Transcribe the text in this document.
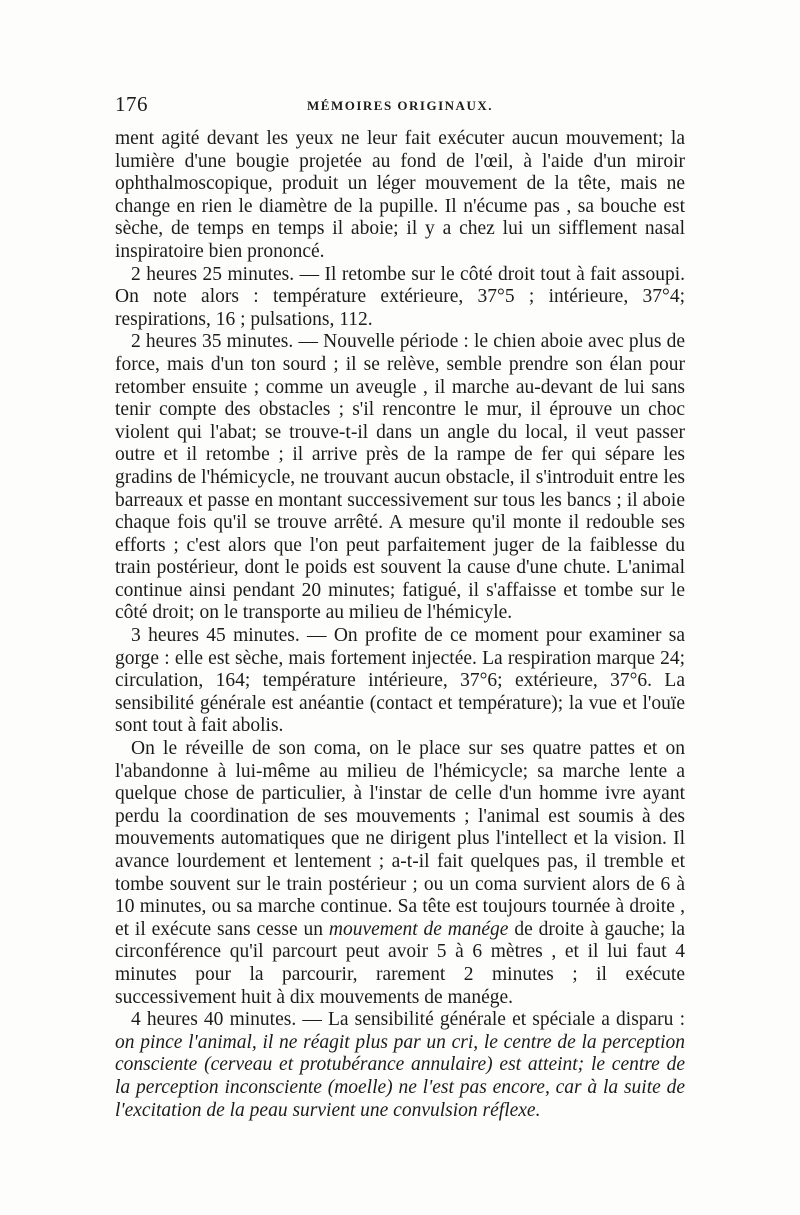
176	MÉMOIRES ORIGINAUX.

ment agité devant les yeux ne leur fait exécuter aucun mouvement; la lumière d'une bougie projetée au fond de l'œil, à l'aide d'un miroir ophthalmoscopique, produit un léger mouvement de la tête, mais ne change en rien le diamètre de la pupille. Il n'écume pas , sa bouche est sèche, de temps en temps il aboie; il y a chez lui un sifflement nasal inspiratoire bien prononcé.

2 heures 25 minutes. — Il retombe sur le côté droit tout à fait assoupi. On note alors : température extérieure, 37°5 ; intérieure, 37°4; respirations, 16 ; pulsations, 112.

2 heures 35 minutes. — Nouvelle période : le chien aboie avec plus de force, mais d'un ton sourd ; il se relève, semble prendre son élan pour retomber ensuite ; comme un aveugle , il marche au-devant de lui sans tenir compte des obstacles ; s'il rencontre le mur, il éprouve un choc violent qui l'abat; se trouve-t-il dans un angle du local, il veut passer outre et il retombe ; il arrive près de la rampe de fer qui sépare les gradins de l'hémicycle, ne trouvant aucun obstacle, il s'introduit entre les barreaux et passe en montant successivement sur tous les bancs ; il aboie chaque fois qu'il se trouve arrêté. A mesure qu'il monte il redouble ses efforts ; c'est alors que l'on peut parfaitement juger de la faiblesse du train postérieur, dont le poids est souvent la cause d'une chute. L'animal continue ainsi pendant 20 minutes; fatigué, il s'affaisse et tombe sur le côté droit; on le transporte au milieu de l'hémicyle.

3 heures 45 minutes. — On profite de ce moment pour examiner sa gorge : elle est sèche, mais fortement injectée. La respiration marque 24; circulation, 164; température intérieure, 37°6; extérieure, 37°6. La sensibilité générale est anéantie (contact et température); la vue et l'ouïe sont tout à fait abolis.

On le réveille de son coma, on le place sur ses quatre pattes et on l'abandonne à lui-même au milieu de l'hémicycle; sa marche lente a quelque chose de particulier, à l'instar de celle d'un homme ivre ayant perdu la coordination de ses mouvements ; l'animal est soumis à des mouvements automatiques que ne dirigent plus l'intellect et la vision. Il avance lourdement et lentement ; a-t-il fait quelques pas, il tremble et tombe souvent sur le train postérieur ; ou un coma survient alors de 6 à 10 minutes, ou sa marche continue. Sa tête est toujours tournée à droite , et il exécute sans cesse un mouvement de manége de droite à gauche; la circonférence qu'il parcourt peut avoir 5 à 6 mètres , et il lui faut 4 minutes pour la parcourir, rarement 2 minutes ; il exécute successivement huit à dix mouvements de manége.

4 heures 40 minutes. — La sensibilité générale et spéciale a disparu : on pince l'animal, il ne réagit plus par un cri, le centre de la perception consciente (cerveau et protubérance annulaire) est atteint; le centre de la perception inconsciente (moelle) ne l'est pas encore, car à la suite de l'excitation de la peau survient une convulsion réflexe.
